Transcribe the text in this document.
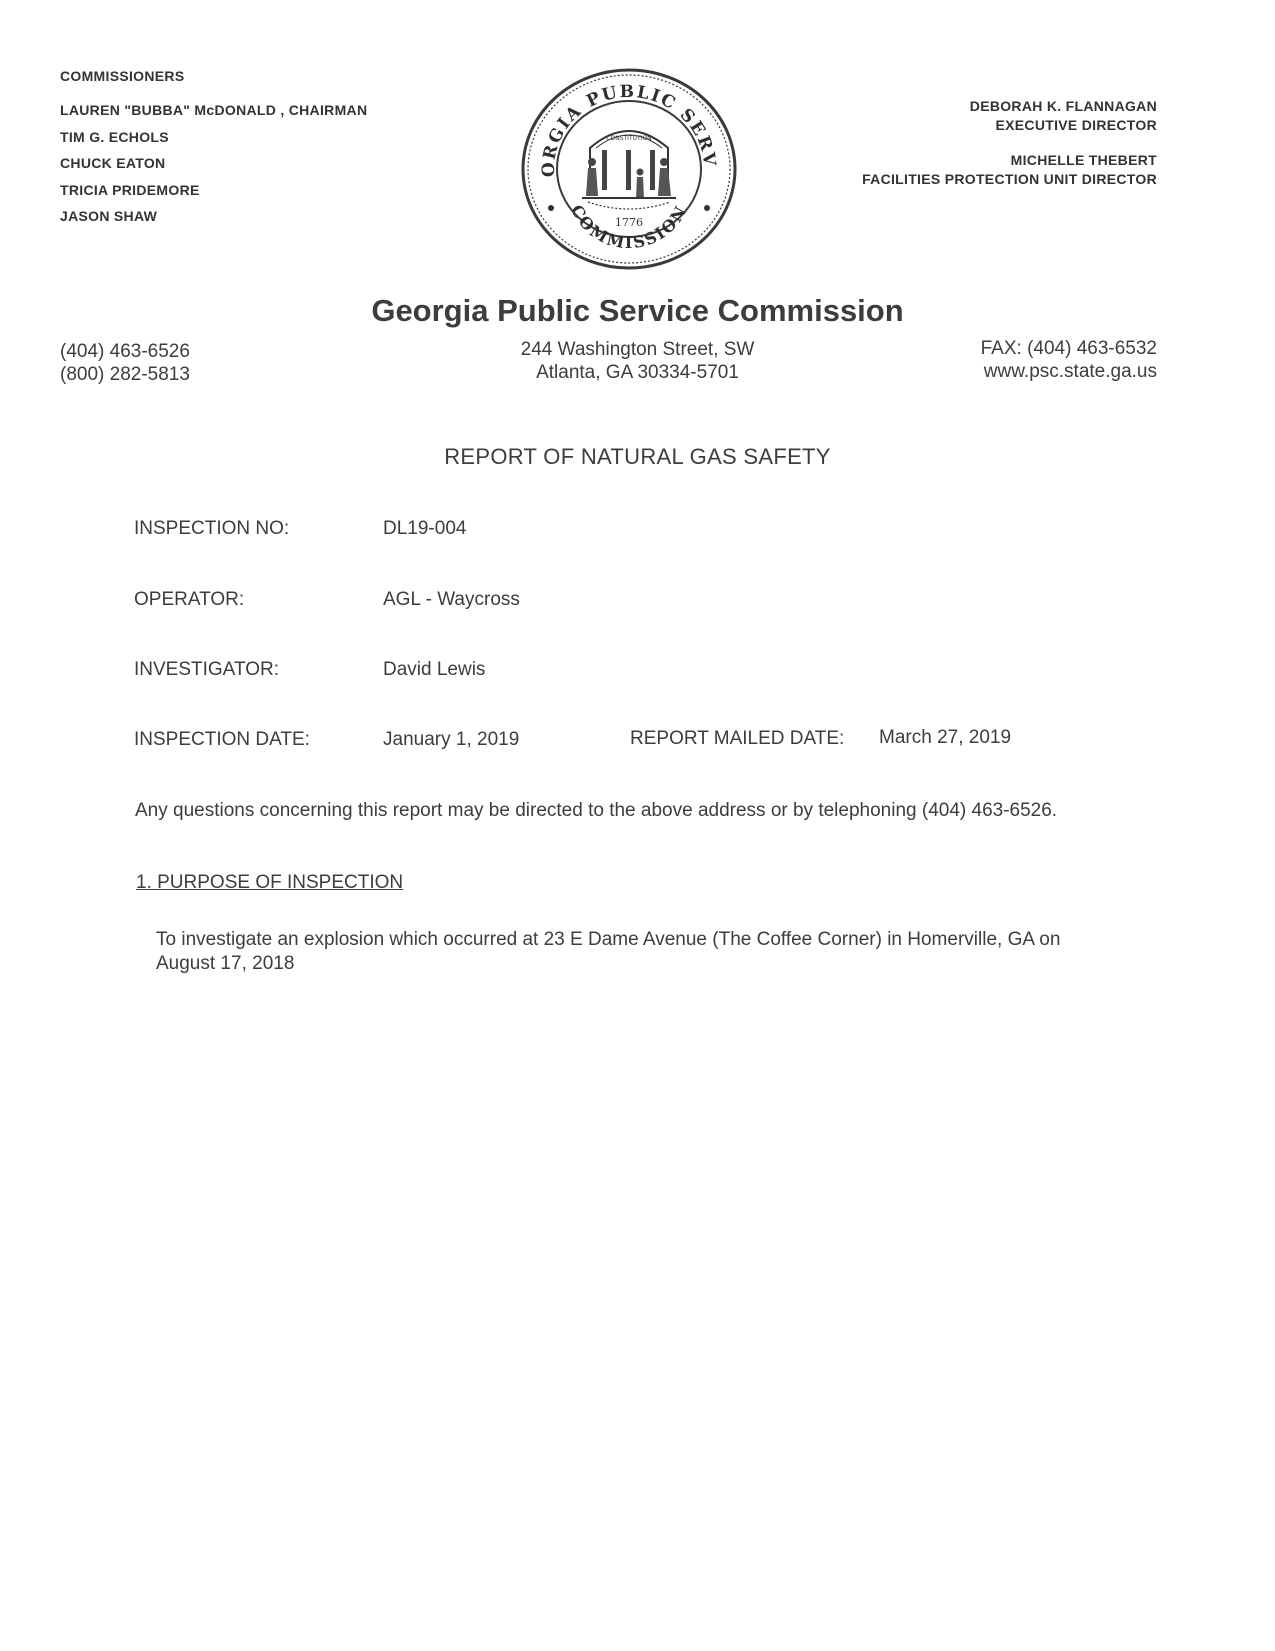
COMMISSIONERS
LAUREN "BUBBA" McDONALD , CHAIRMAN
TIM G. ECHOLS
CHUCK EATON
TRICIA PRIDEMORE
JASON SHAW
DEBORAH K. FLANNAGAN
EXECUTIVE DIRECTOR
MICHELLE THEBERT
FACILITIES PROTECTION UNIT DIRECTOR
ORGIA PUBLIC SERV
COMMISSION
CONSTITUTION
1776
Georgia Public Service Commission
(404) 463-6526
(800) 282-5813
244 Washington Street, SW
Atlanta, GA 30334-5701
FAX: (404) 463-6532
www.psc.state.ga.us
REPORT OF NATURAL GAS SAFETY
INSPECTION NO:	DL19-004
OPERATOR:	AGL - Waycross
INVESTIGATOR:	David Lewis
INSPECTION DATE:	January 1, 2019	REPORT MAILED DATE: March 27, 2019
Any questions concerning this report may be directed to the above address or by telephoning (404) 463-6526.
1. PURPOSE OF INSPECTION
To investigate an explosion which occurred at 23 E Dame Avenue (The Coffee Corner) in Homerville, GA on August 17, 2018
